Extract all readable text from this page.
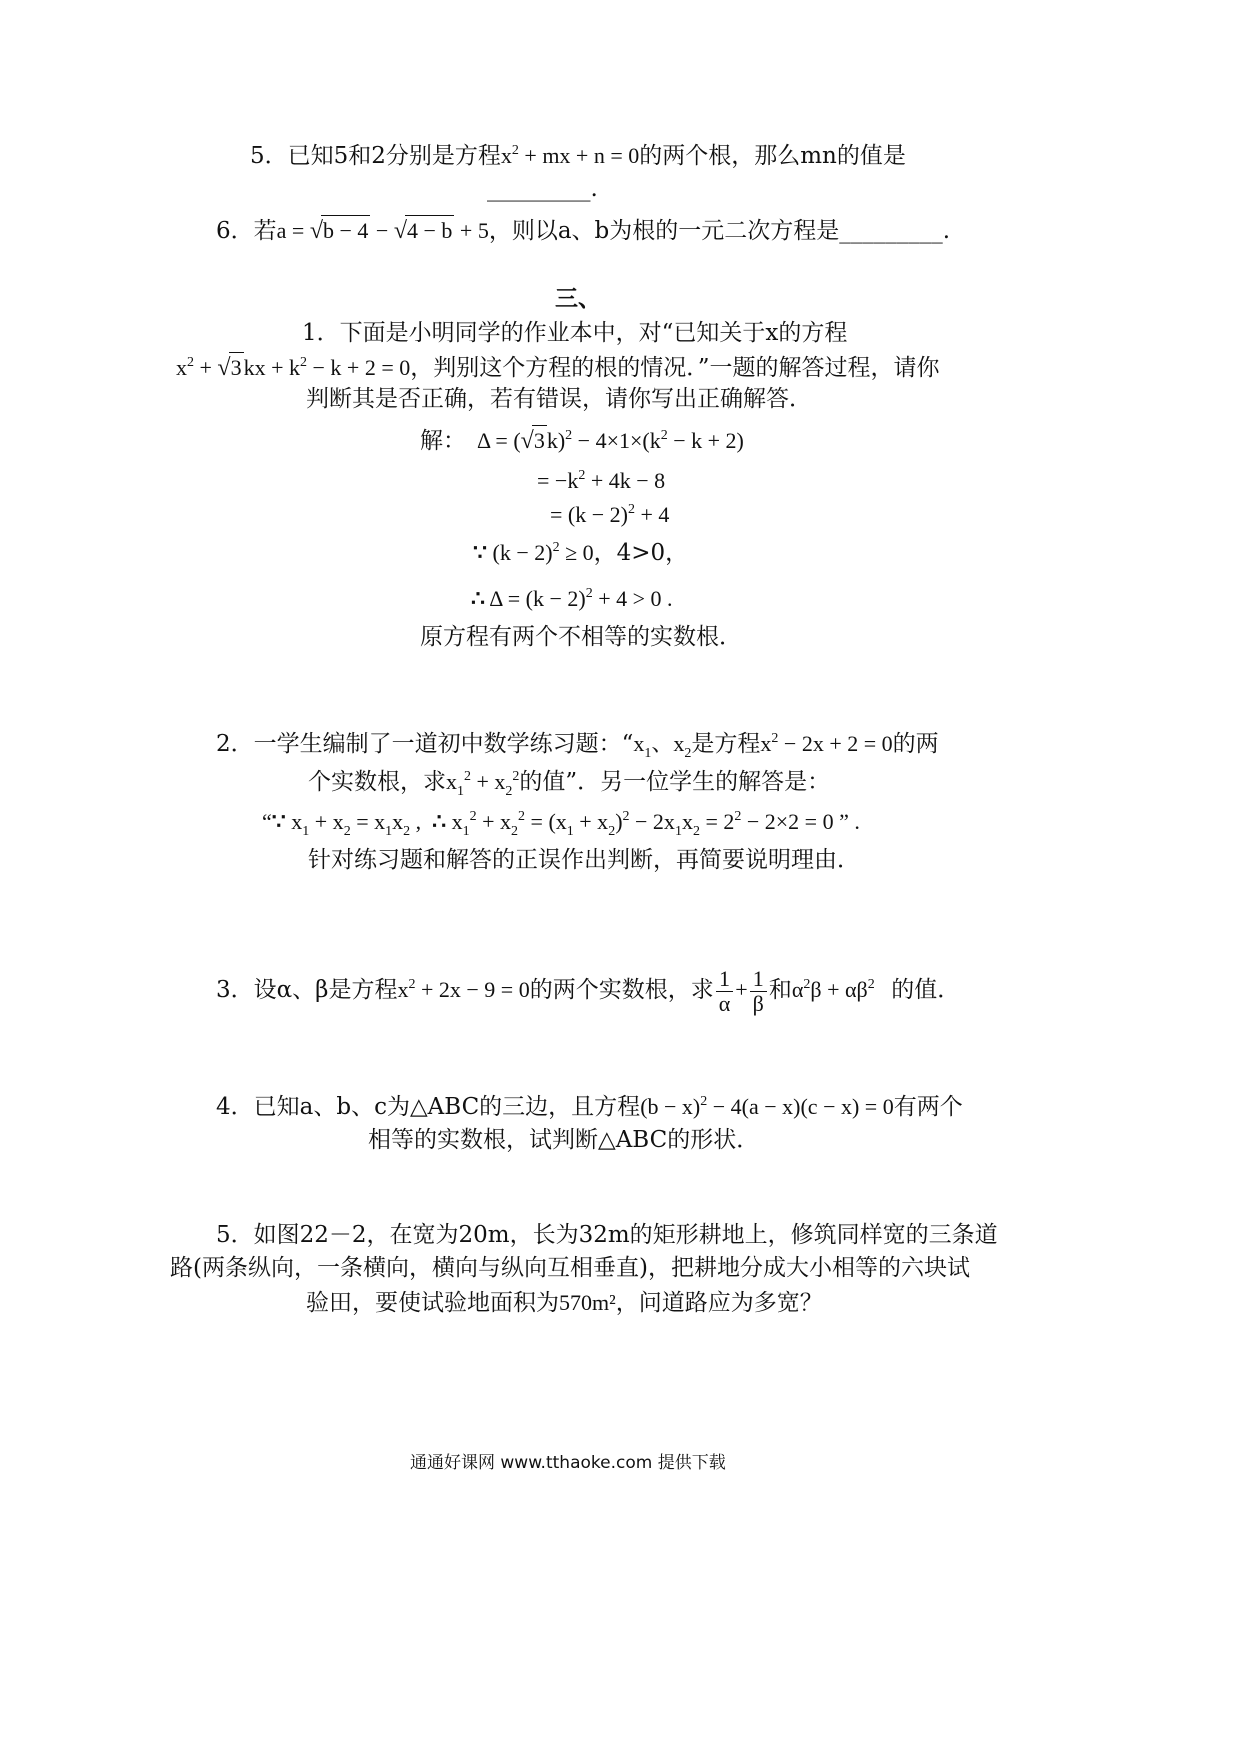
5．已知5和2分别是方程$x^2$ + mx + n = 0的两个根，那么mn的值是
_________.
6．若a = √b − 4 − √4 − b + 5，则以a、b为根的一元二次方程是_________.
三、
1．下面是小明同学的作业本中，对“已知关于x的方程
$x^2 + √3kx + k^2 - k + 2 = 0$，判别这个方程的根的情况．”一题的解答过程，请你
判断其是否正确，若有错误，请你写出正确解答．
解：  $\Delta = (√3k)^2 - 4\times 1\times(k^2 - k + 2)$
= $-k^2 + 4k - 8$
= $(k - 2)^2 + 4$
∵ $(k - 2)^2 \ge 0$，4>0，
∴ $\Delta = (k - 2)^2 + 4 > 0$ .
原方程有两个不相等的实数根．
2．一学生编制了一道初中数学练习题：“$x_1$、$x_2$是方程$x^2 - 2x + 2 = 0$的两
个实数根，求$x_1^2 + x_2^2$的值”．另一位学生的解答是：
“∵ $x_1 + x_2 = x_1x_2$ ,  ∴ $x_1^2 + x_2^2 = (x_1 + x_2)^2 - 2x_1x_2 = 2^2 - 2\times 2 = 0$ ” .
针对练习题和解答的正误作出判断，再简要说明理由．
3．设α、β是方程$x^2 + 2x - 9 = 0$的两个实数根，求 $\frac{1}{\alpha} + \frac{1}{\beta}$ 和$\alpha^2\beta + \alpha\beta^2$ 的值．
4．已知a、b、c为△ABC的三边，且方程$(b - x)^2 - 4(a - x)(c - x) = 0$有两个
相等的实数根，试判断△ABC的形状．
5．如图22－2，在宽为20m，长为32m的矩形耕地上，修筑同样宽的三条道
路(两条纵向，一条横向，横向与纵向互相垂直)，把耕地分成大小相等的六块试
验田，要使试验地面积为570m²，问道路应为多宽？
通通好课网 www.tthaoke.com 提供下载
